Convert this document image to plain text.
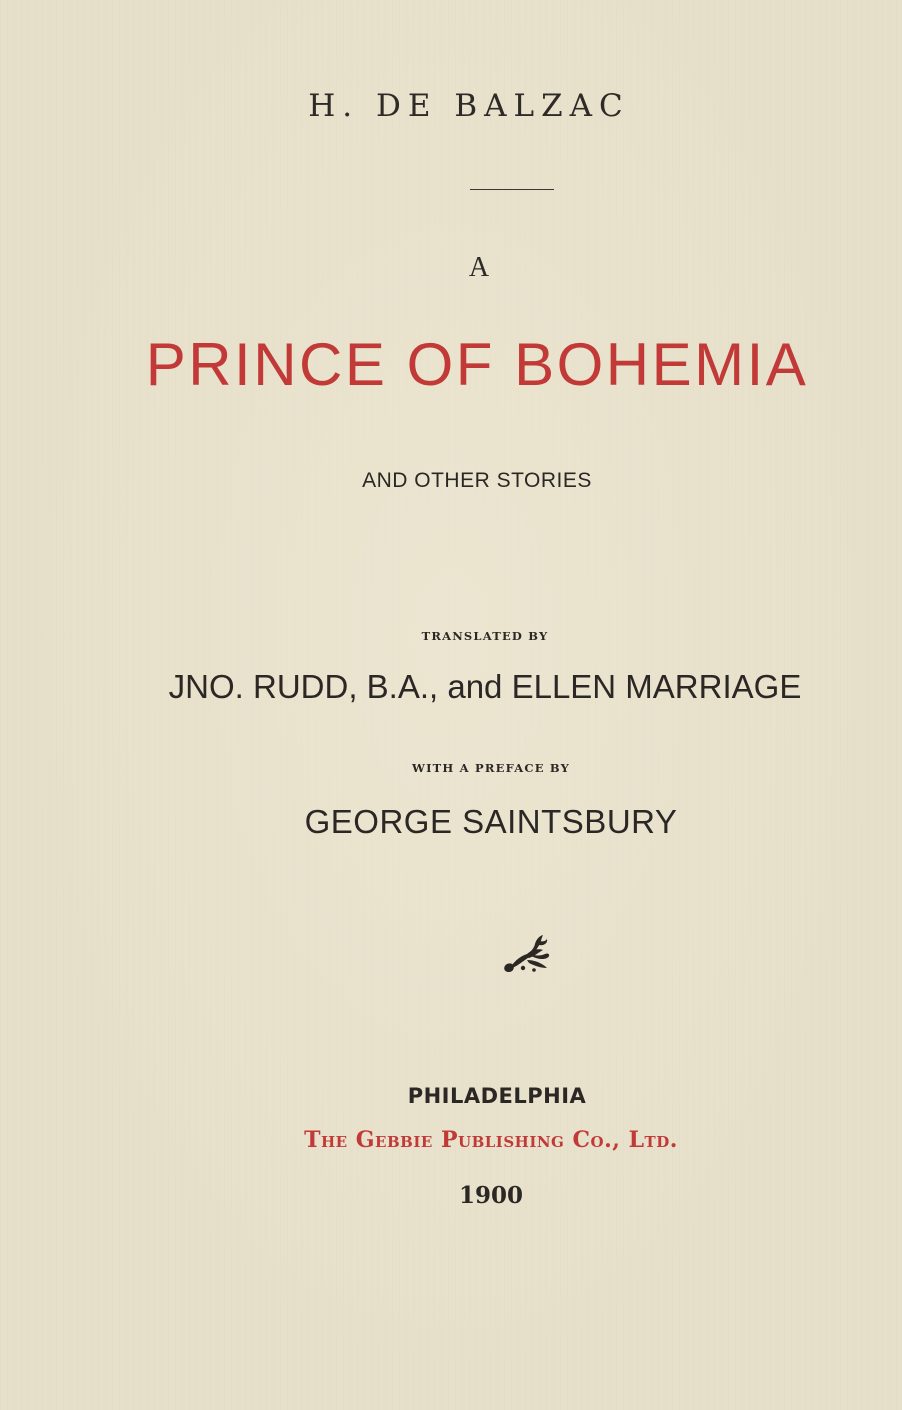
H. DE BALZAC
A
PRINCE OF BOHEMIA
AND OTHER STORIES
TRANSLATED BY
JNO. RUDD, B.A., and ELLEN MARRIAGE
WITH A PREFACE BY
GEORGE SAINTSBURY
PHILADELPHIA
The Gebbie Publishing Co., Ltd.
1900
